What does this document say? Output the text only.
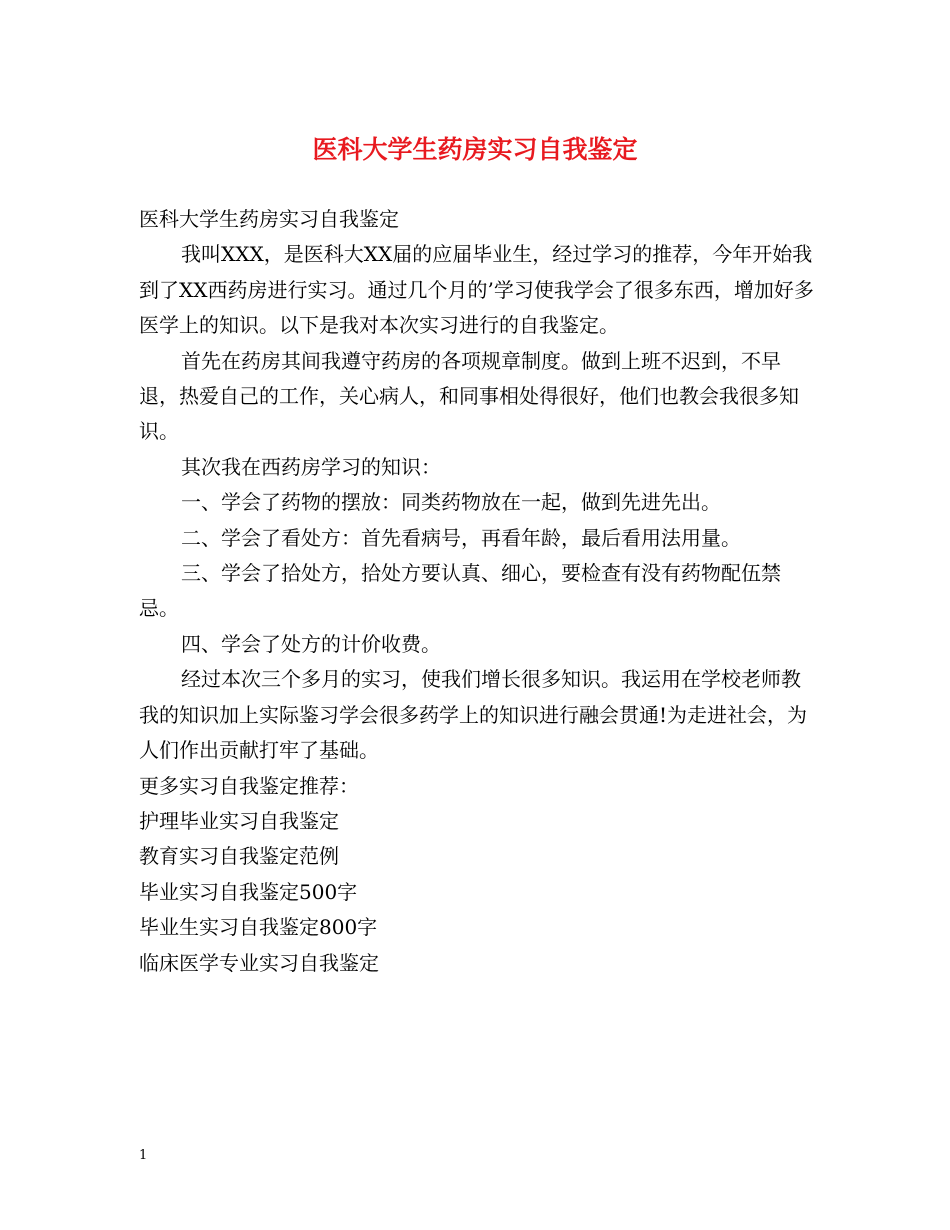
医科大学生药房实习自我鉴定

医科大学生药房实习自我鉴定

我叫XXX，是医科大XX届的应届毕业生，经过学习的推荐，今年开始我到了XX西药房进行实习。通过几个月的’学习使我学会了很多东西，增加好多医学上的知识。以下是我对本次实习进行的自我鉴定。

首先在药房其间我遵守药房的各项规章制度。做到上班不迟到，不早退，热爱自己的工作，关心病人，和同事相处得很好，他们也教会我很多知识。

其次我在西药房学习的知识：

一、学会了药物的摆放：同类药物放在一起，做到先进先出。

二、学会了看处方：首先看病号，再看年龄，最后看用法用量。

三、学会了拾处方，拾处方要认真、细心，要检查有没有药物配伍禁忌。

四、学会了处方的计价收费。

经过本次三个多月的实习，使我们增长很多知识。我运用在学校老师教我的知识加上实际鉴习学会很多药学上的知识进行融会贯通!为走进社会，为人们作出贡献打牢了基础。

更多实习自我鉴定推荐：

护理毕业实习自我鉴定

教育实习自我鉴定范例

毕业实习自我鉴定500字

毕业生实习自我鉴定800字

临床医学专业实习自我鉴定

1
